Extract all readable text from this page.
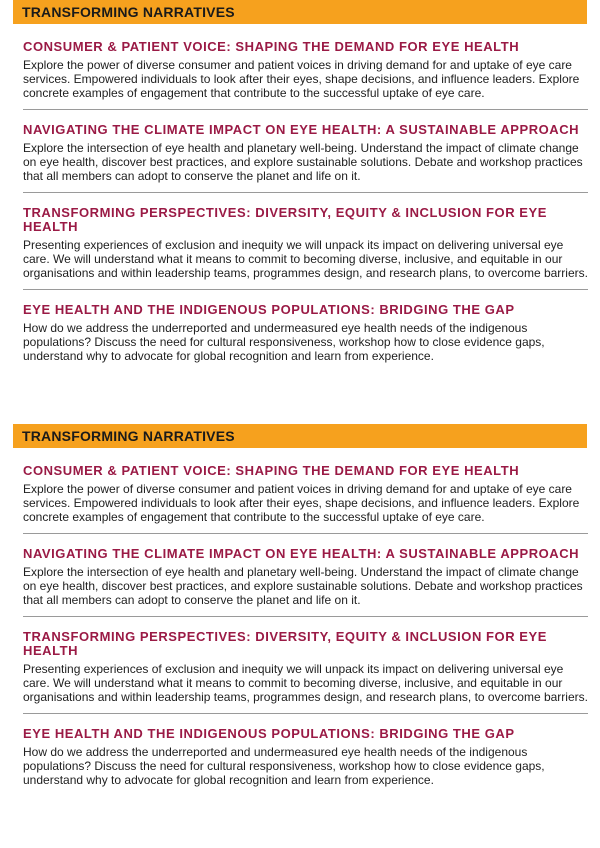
TRANSFORMING NARRATIVES
CONSUMER & PATIENT VOICE: SHAPING THE DEMAND FOR EYE HEALTH

Explore the power of diverse consumer and patient voices in driving demand for and uptake of eye care services. Empowered individuals to look after their eyes, shape decisions, and influence leaders. Explore concrete examples of engagement that contribute to the successful uptake of eye care.

NAVIGATING THE CLIMATE IMPACT ON EYE HEALTH: A SUSTAINABLE APPROACH

Explore the intersection of eye health and planetary well-being. Understand the impact of climate change on eye health, discover best practices, and explore sustainable solutions. Debate and workshop practices that all members can adopt to conserve the planet and life on it.

TRANSFORMING PERSPECTIVES: DIVERSITY, EQUITY & INCLUSION FOR EYE HEALTH

Presenting experiences of exclusion and inequity we will unpack its impact on delivering universal eye care. We will understand what it means to commit to becoming diverse, inclusive, and equitable in our organisations and within leadership teams, programmes design, and research plans, to overcome barriers.

EYE HEALTH AND THE INDIGENOUS POPULATIONS: BRIDGING THE GAP

How do we address the underreported and undermeasured eye health needs of the indigenous populations? Discuss the need for cultural responsiveness, workshop how to close evidence gaps, understand why to advocate for global recognition and learn from experience.

TRANSFORMING NARRATIVES
CONSUMER & PATIENT VOICE: SHAPING THE DEMAND FOR EYE HEALTH

Explore the power of diverse consumer and patient voices in driving demand for and uptake of eye care services. Empowered individuals to look after their eyes, shape decisions, and influence leaders. Explore concrete examples of engagement that contribute to the successful uptake of eye care.

NAVIGATING THE CLIMATE IMPACT ON EYE HEALTH: A SUSTAINABLE APPROACH

Explore the intersection of eye health and planetary well-being. Understand the impact of climate change on eye health, discover best practices, and explore sustainable solutions. Debate and workshop practices that all members can adopt to conserve the planet and life on it.

TRANSFORMING PERSPECTIVES: DIVERSITY, EQUITY & INCLUSION FOR EYE HEALTH

Presenting experiences of exclusion and inequity we will unpack its impact on delivering universal eye care. We will understand what it means to commit to becoming diverse, inclusive, and equitable in our organisations and within leadership teams, programmes design, and research plans, to overcome barriers.

EYE HEALTH AND THE INDIGENOUS POPULATIONS: BRIDGING THE GAP

How do we address the underreported and undermeasured eye health needs of the indigenous populations? Discuss the need for cultural responsiveness, workshop how to close evidence gaps, understand why to advocate for global recognition and learn from experience.
